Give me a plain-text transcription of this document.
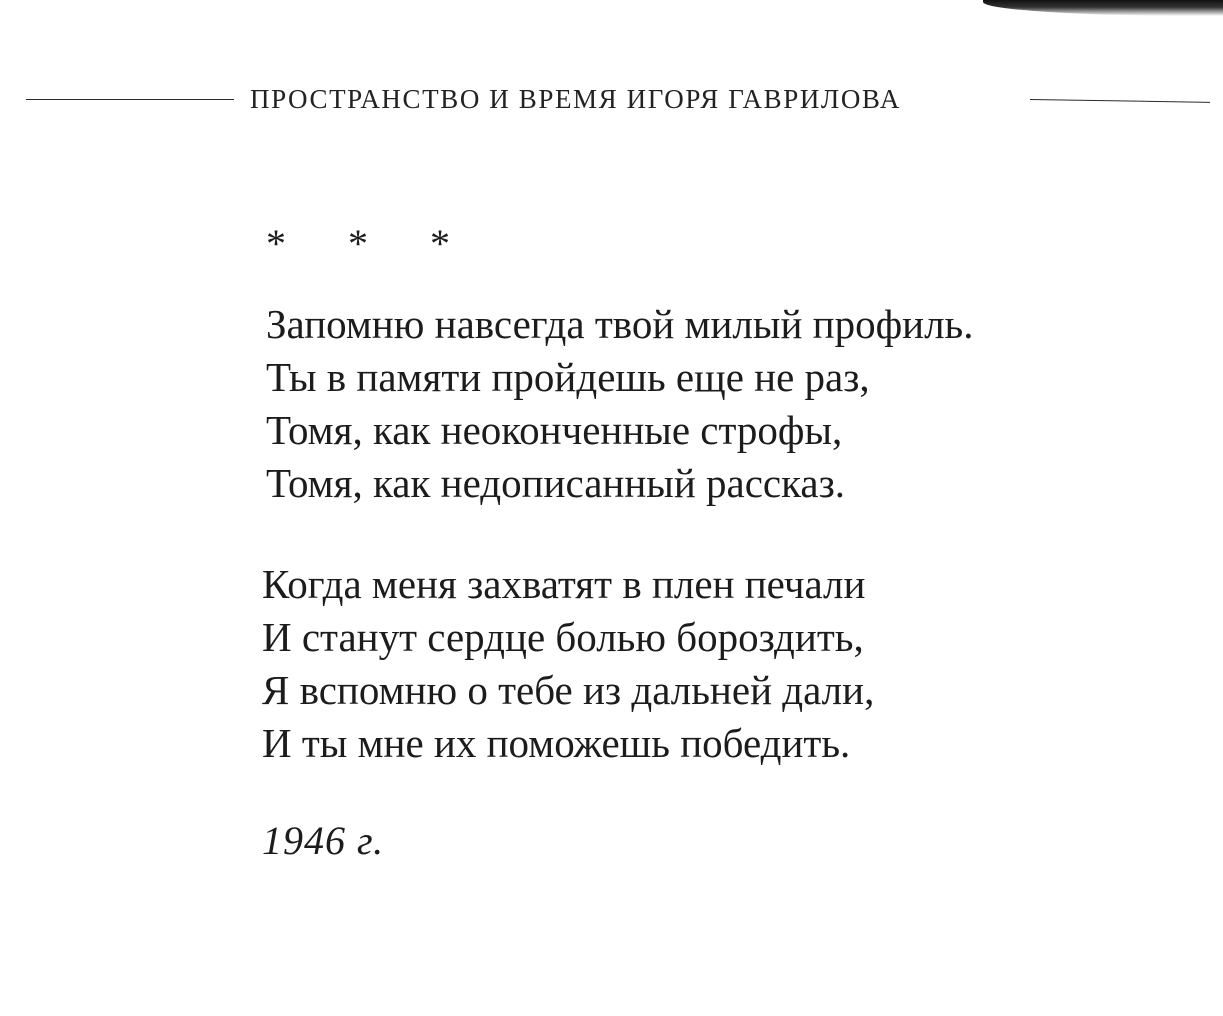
ПРОСТРАНСТВО И ВРЕМЯ ИГОРЯ ГАВРИЛОВА
* * *
Запомню навсегда твой милый профиль.
Ты в памяти пройдешь еще не раз,
Томя, как неоконченные строфы,
Томя, как недописанный рассказ.
Когда меня захватят в плен печали
И станут сердце болью бороздить,
Я вспомню о тебе из дальней дали,
И ты мне их поможешь победить.
1946 г.
